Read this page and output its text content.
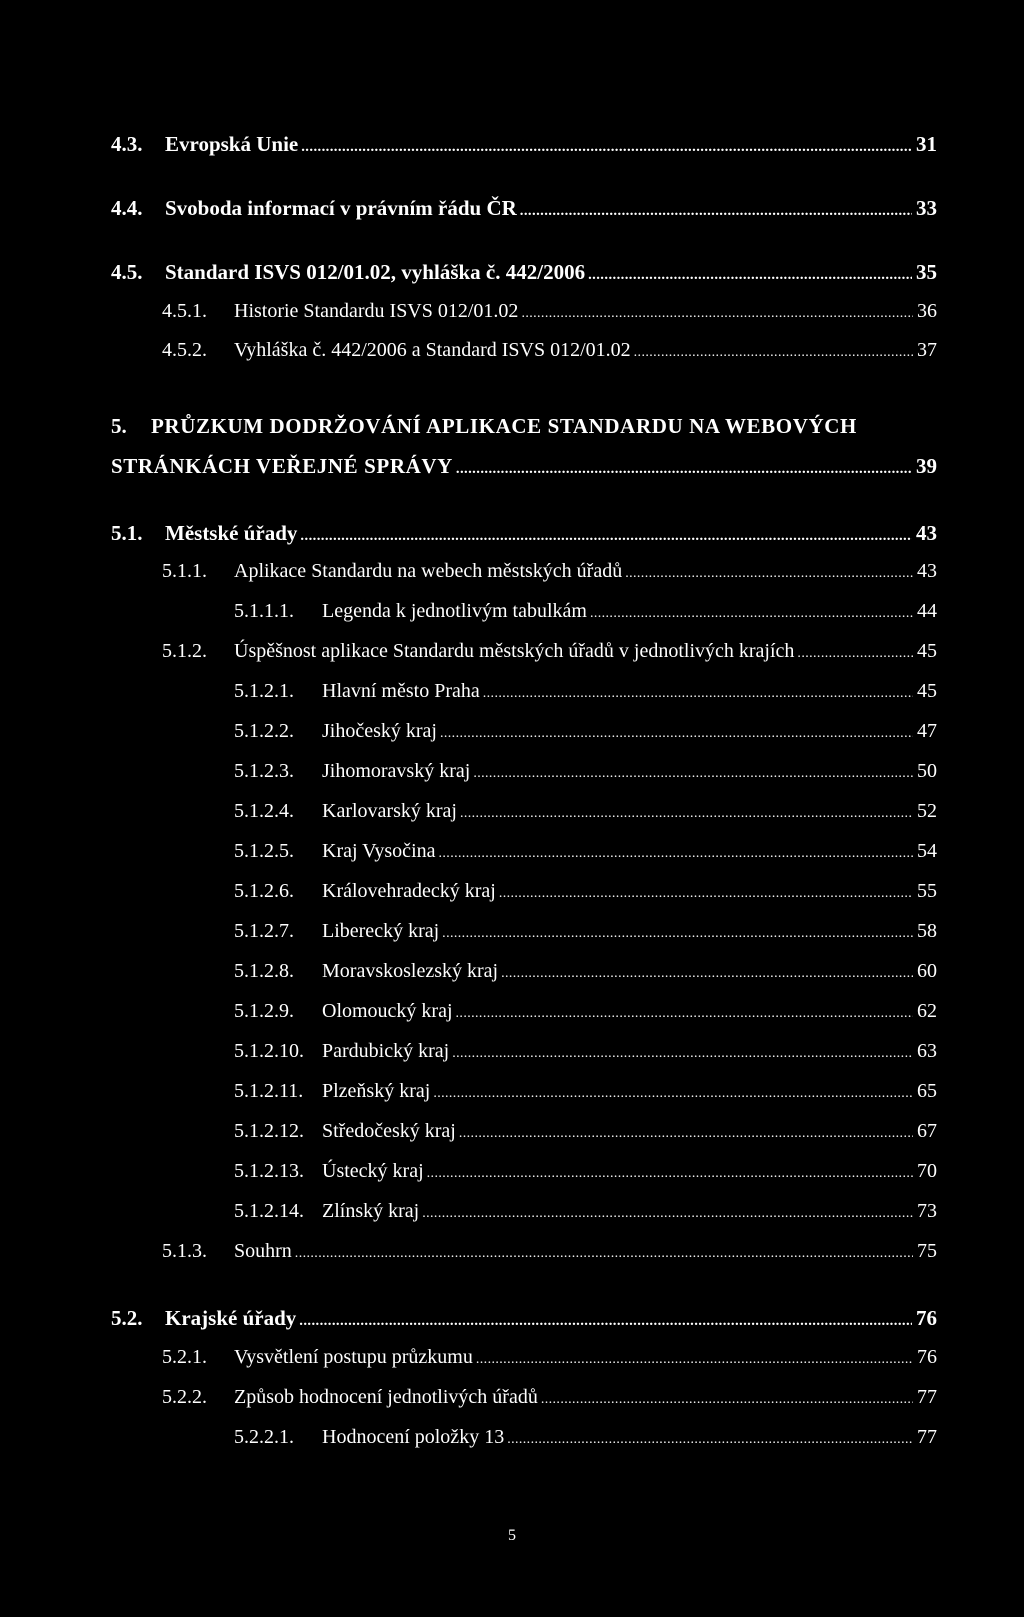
4.3.	Evropská Unie .....	31
4.4.	Svoboda informací v právním řádu ČR .....	33
4.5.	Standard ISVS 012/01.02, vyhláška č. 442/2006 .....	35
4.5.1.	Historie Standardu ISVS 012/01.02 .....	36
4.5.2.	Vyhláška č. 442/2006 a Standard ISVS 012/01.02 .....	37
5. PRŮZKUM DODRŽOVÁNÍ APLIKACE STANDARDU NA WEBOVÝCH
STRÁNKÁCH VEŘEJNÉ SPRÁVY .....	39
5.1.	Městské úřady .....	43
5.1.1.	Aplikace Standardu na webech městských úřadů .....	43
5.1.1.1.	Legenda k jednotlivým tabulkám .....	44
5.1.2.	Úspěšnost aplikace Standardu městských úřadů v jednotlivých krajích .....	45
5.1.2.1.	Hlavní město Praha .....	45
5.1.2.2.	Jihočeský kraj .....	47
5.1.2.3.	Jihomoravský kraj .....	50
5.1.2.4.	Karlovarský kraj .....	52
5.1.2.5.	Kraj Vysočina .....	54
5.1.2.6.	Královehradecký kraj .....	55
5.1.2.7.	Liberecký kraj .....	58
5.1.2.8.	Moravskoslezský kraj .....	60
5.1.2.9.	Olomoucký kraj .....	62
5.1.2.10. Pardubický kraj .....	63
5.1.2.11. Plzeňský kraj .....	65
5.1.2.12. Středočeský kraj .....	67
5.1.2.13. Ústecký kraj .....	70
5.1.2.14. Zlínský kraj .....	73
5.1.3.	Souhrn .....	75
5.2.	Krajské úřady .....	76
5.2.1.	Vysvětlení postupu průzkumu .....	76
5.2.2.	Způsob hodnocení jednotlivých úřadů .....	77
5.2.2.1.	Hodnocení položky 13 .....	77
5
